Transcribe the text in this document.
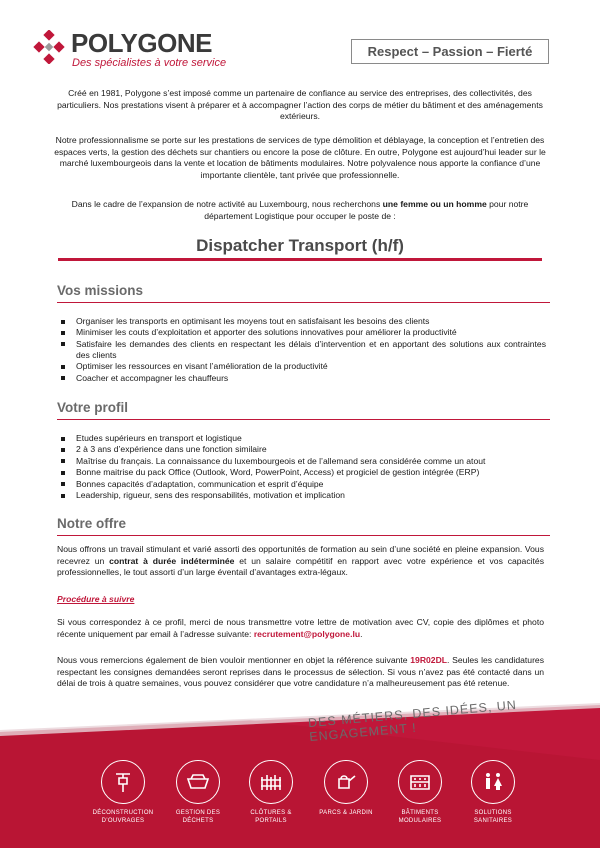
POLYGONE
Des spécialistes à votre service
Respect – Passion – Fierté
Créé en 1981, Polygone s’est imposé comme un partenaire de confiance au service des entreprises, des collectivités, des particuliers. Nos prestations visent à préparer et à accompagner l’action des corps de métier du bâtiment et des aménagements extérieurs.
Notre professionnalisme se porte sur les prestations de services de type démolition et déblayage, la conception et l’entretien des espaces verts, la gestion des déchets sur chantiers ou encore la pose de clôture. En outre, Polygone est aujourd’hui leader sur le marché luxembourgeois dans la vente et location de bâtiments modulaires. Notre polyvalence nous apporte la confiance d’une importante clientèle, tant privée que professionnelle.
Dans le cadre de l’expansion de notre activité au Luxembourg, nous recherchons une femme ou un homme pour notre département Logistique pour occuper le poste de :
Dispatcher Transport (h/f)
Vos missions
Organiser les transports en optimisant les moyens tout en satisfaisant les besoins des clients
Minimiser les couts d’exploitation et apporter des solutions innovatives pour améliorer la productivité
Satisfaire les demandes des clients en respectant les délais d’intervention et en apportant des solutions aux contraintes des clients
Optimiser les ressources en visant l’amélioration de la productivité
Coacher et accompagner les chauffeurs
Votre profil
Etudes supérieurs en transport et logistique
2 à 3 ans d’expérience dans une fonction similaire
Maîtrise du français. La connaissance du luxembourgeois et de l’allemand sera considérée comme un atout
Bonne maitrise du pack Office (Outlook, Word, PowerPoint, Access) et progiciel de gestion intégrée (ERP)
Bonnes capacités d’adaptation, communication et esprit d’équipe
Leadership, rigueur, sens des responsabilités, motivation et implication
Notre offre
Nous offrons un travail stimulant et varié assorti des opportunités de formation au sein d’une société en pleine expansion. Vous recevrez un contrat à durée indéterminée et un salaire compétitif en rapport avec votre expérience et vos capacités professionnelles, le tout assorti d’un large éventail d’avantages extra-légaux.
Procédure à suivre
Si vous correspondez à ce profil, merci de nous transmettre votre lettre de motivation avec CV, copie des diplômes et photo récente uniquement par email à l’adresse suivante: recrutement@polygone.lu.
Nous vous remercions également de bien vouloir mentionner en objet la référence suivante 19R02DL. Seules les candidatures respectant les consignes demandées seront reprises dans le processus de sélection. Si vous n’avez pas été contacté dans un délai de trois à quatre semaines, vous pouvez considérer que votre candidature n’a malheureusement pas été retenue.
DES MÉTIERS, DES IDÉES, UN ENGAGEMENT !
DÉCONSTRUCTION D’OUVRAGES
GESTION DES DÉCHETS
CLÔTURES & PORTAILS
PARCS & JARDIN	BÂTIMENTS MODULAIRES
SOLUTIONS SANITAIRES
